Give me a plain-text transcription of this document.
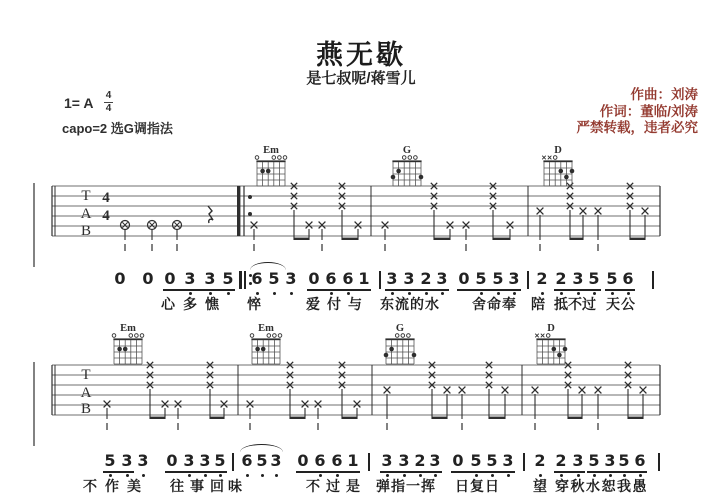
燕无歇
是七叔呢/蒋雪儿
1= A 4
4
capo=2 选G调指法
作曲：刘涛
作词：董临/刘涛
严禁转载，违者必究
T
A
B
4
4
T
A
B
Em	G	D
Em	Em	G	D
0 0 0 3 3 5 6 5 3 0 6 6 1 3 3 2 3 0 5 5 3 2 2 3 5 5 6
心多憔 悴	爱付与 东流的水 舍命奉 陪 抵不过 天公
5 3 3 0 3 3 5 6 5 3 0 6 6 1 3 3 2 3 0 5 5 3 2 2 3 5 3 5 6
不作美 往事回
味	不过是 弹指一挥 日复日 望 穿秋水恕我愚
